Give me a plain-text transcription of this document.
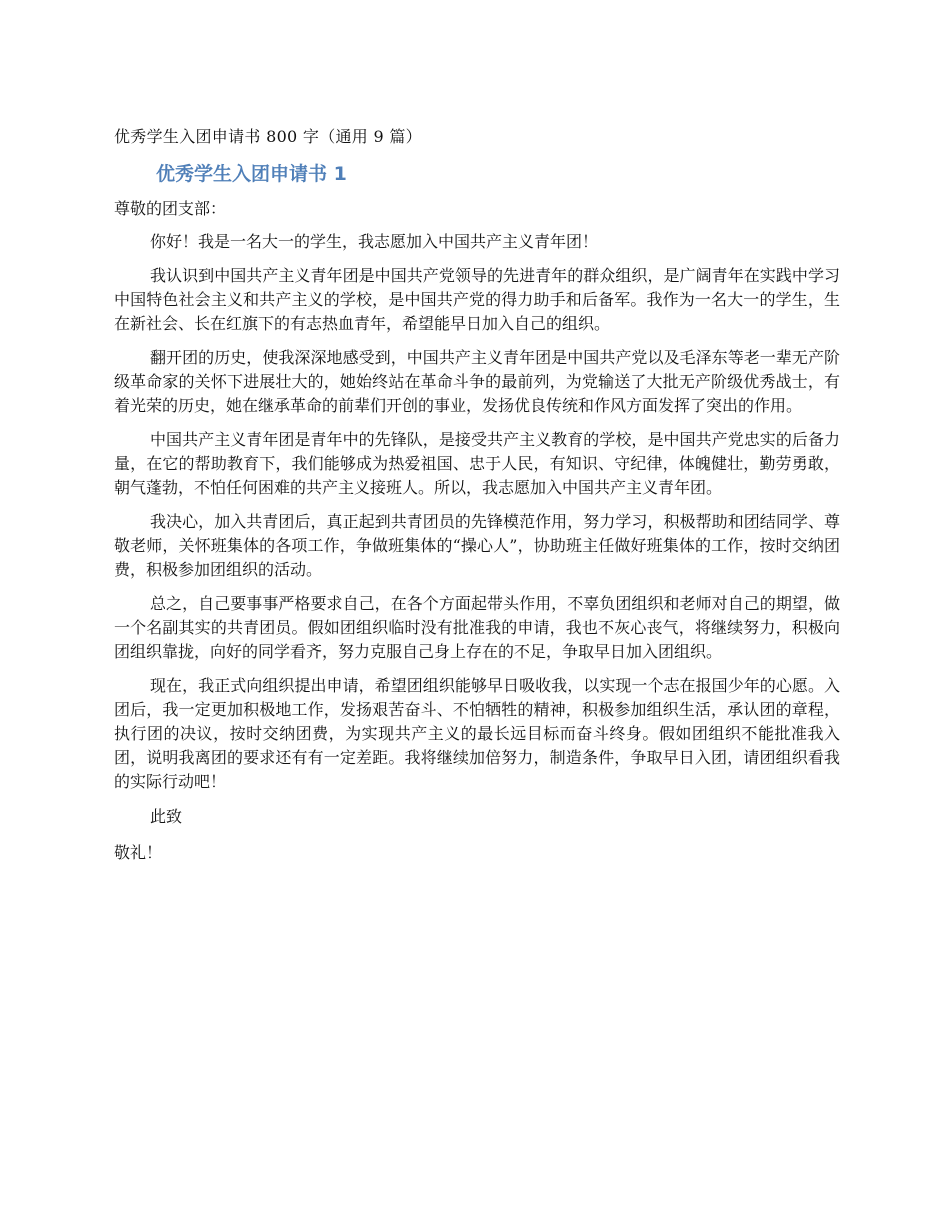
优秀学生入团申请书 800 字（通用 9 篇）
优秀学生入团申请书 1
尊敬的团支部：

你好！我是一名大一的学生，我志愿加入中国共产主义青年团！

我认识到中国共产主义青年团是中国共产党领导的先进青年的群众组织，是广阔青年在实践中学习中国特色社会主义和共产主义的学校，是中国共产党的得力助手和后备军。我作为一名大一的学生，生在新社会、长在红旗下的有志热血青年，希望能早日加入自己的组织。

翻开团的历史，使我深深地感受到，中国共产主义青年团是中国共产党以及毛泽东等老一辈无产阶级革命家的关怀下进展壮大的，她始终站在革命斗争的最前列，为党输送了大批无产阶级优秀战士，有着光荣的历史，她在继承革命的前辈们开创的事业，发扬优良传统和作风方面发挥了突出的作用。

中国共产主义青年团是青年中的先锋队，是接受共产主义教育的学校，是中国共产党忠实的后备力量，在它的帮助教育下，我们能够成为热爱祖国、忠于人民，有知识、守纪律，体魄健壮，勤劳勇敢，朝气蓬勃，不怕任何困难的共产主义接班人。所以，我志愿加入中国共产主义青年团。

我决心，加入共青团后，真正起到共青团员的先锋模范作用，努力学习，积极帮助和团结同学、尊敬老师，关怀班集体的各项工作，争做班集体的“操心人”，协助班主任做好班集体的工作，按时交纳团费，积极参加团组织的活动。

总之，自己要事事严格要求自己，在各个方面起带头作用，不辜负团组织和老师对自己的期望，做一个名副其实的共青团员。假如团组织临时没有批准我的申请，我也不灰心丧气，将继续努力，积极向团组织靠拢，向好的同学看齐，努力克服自己身上存在的不足，争取早日加入团组织。

现在，我正式向组织提出申请，希望团组织能够早日吸收我，以实现一个志在报国少年的心愿。入团后，我一定更加积极地工作，发扬艰苦奋斗、不怕牺牲的精神，积极参加组织生活，承认团的章程，执行团的决议，按时交纳团费，为实现共产主义的最长远目标而奋斗终身。假如团组织不能批准我入团，说明我离团的要求还有有一定差距。我将继续加倍努力，制造条件，争取早日入团，请团组织看我的实际行动吧！

此致
敬礼！
